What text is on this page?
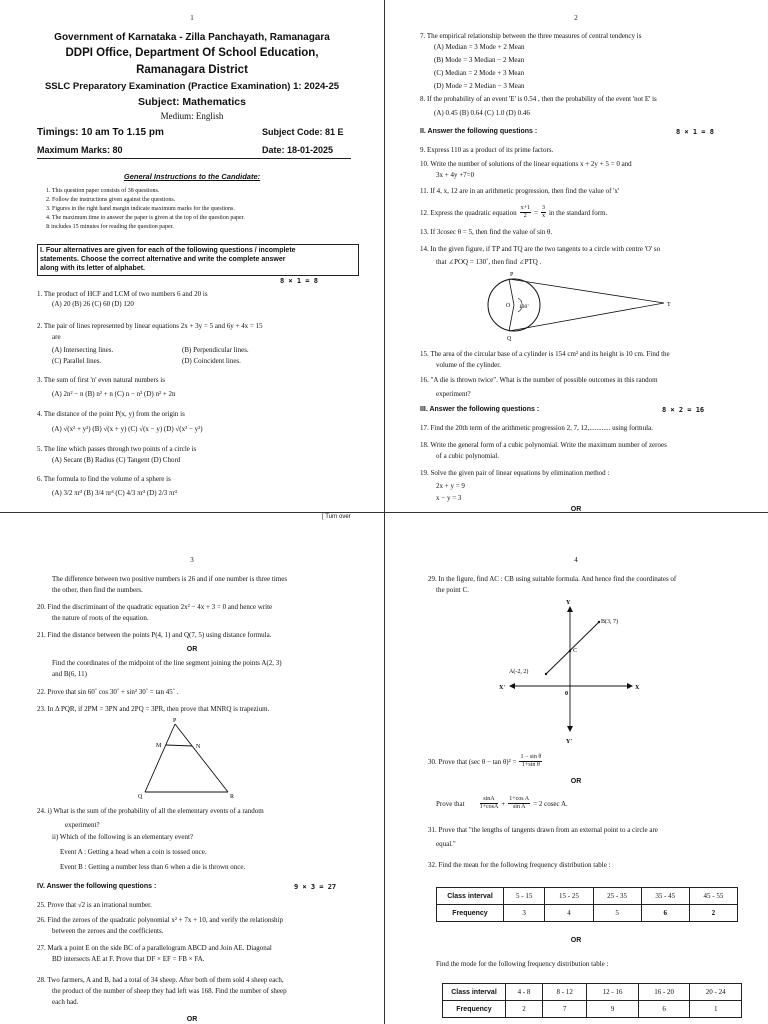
1
Government of Karnataka - Zilla Panchayath, Ramanagara
DDPI Office, Department Of School Education,
Ramanagara District
SSLC Preparatory Examination (Practice Examination) 1: 2024-25
Subject: Mathematics
Medium: English
Timings: 10 am To 1.15 pm	Subject Code: 81 E
Maximum Marks: 80	Date: 18-01-2025
General Instructions to the Candidate:
1. This question paper consists of 38 questions.
2. Follow the instructions given against the questions.
3. Figures in the right hand margin indicate maximum marks for the questions.
4. The maximum time to answer the paper is given at the top of the question paper.
It includes 15 minutes for reading the question paper.
I. Four alternatives are given for each of the following questions / incomplete
statements. Choose the correct alternative and write the complete answer
along with its letter of alphabet.
8 × 1 = 8
1. The product of HCF and LCM of two numbers 6 and 20 is
(A) 20 (B) 26 (C) 60 (D) 120
2. The pair of lines represented by linear equations 2x + 3y = 5 and 6y + 4x = 15
are
(A) Intersecting lines.	(B) Perpendicular lines.
(C) Parallel lines.	(D) Coincident lines.
3. The sum of first 'n' even natural numbers is
(A) 2n² − n (B) n² + n (C) n − n² (D) n² + 2n
4. The distance of the point P(x, y) from the origin is
(A) √(x² + y²) (B) √(x + y) (C) √(x − y) (D) √(x² − y²)
5. The line which passes through two points of a circle is
(A) Secant (B) Radius (C) Tangent (D) Chord
6. The formula to find the volume of a sphere is
(A) 3/2 πr³ (B) 3/4 πr³ (C) 4/3 πr³ (D) 2/3 πr³
[ Turn over
2
7. The empirical relationship between the three measures of central tendency is
(A) Median = 3 Mode + 2 Mean
(B) Mode = 3 Median − 2 Mean
(C) Median = 2 Mode + 3 Mean
(D) Mode = 2 Median − 3 Mean
8. If the probability of an event 'E' is 0.54 , then the probability of the event 'not E' is
(A) 0.45 (B) 0.64 (C) 1.0 (D) 0.46
II. Answer the following questions :	8 × 1 = 8
9. Express 110 as a product of its prime factors.
10. Write the number of solutions of the linear equations x + 2y + 5 = 0 and
3x + 4y +7=0
11. If 4, x, 12 are in an arithmetic progression, then find the value of 'x'
12. Express the quadratic equation $\frac{x+1}{2} = \frac{3}{x}$ in the standard form.
13. If 3cosec θ = 5, then find the value of sin θ.
14. In the given figure, if TP and TQ are the two tangents to a circle with centre 'O' so
that ∠POQ = 130˚, then find ∠PTQ .
P
Q
O	T
130˚
15. The area of the circular base of a cylinder is 154 cm² and its height is 10 cm. Find the
volume of the cylinder.
16. "A die is thrown twice". What is the number of possible outcomes in this random
experiment?
III. Answer the following questions :	8 × 2 = 16
17. Find the 20th term of the arithmetic progression 2, 7, 12,............ using formula.
18. Write the general form of a cubic polynomial. Write the maximum number of zeroes
of a cubic polynomial.
19. Solve the given pair of linear equations by elimination method :
2x + y = 9
x − y = 3
OR
3
The difference between two positive numbers is 26 and if one number is three times
the other, then find the numbers.
20. Find the discriminant of the quadratic equation 2x² − 4x + 3 = 0 and hence write
the nature of roots of the equation.
21. Find the distance between the points P(4, 1) and Q(7, 5) using distance formula.
OR
Find the coordinates of the midpoint of the line segment joining the points A(2, 3)
and B(6, 11)
22. Prove that sin 60˚ cos 30˚ + sin² 30˚ = tan 45˚ .
23. In Δ PQR, if 2PM = 3PN and 2PQ = 3PR, then prove that MNRQ is trapezium.
P
M	N
Q	R
24. i) What is the sum of the probability of all the elementary events of a random
experiment?
ii) Which of the following is an elementary event?
Event A : Getting a head when a coin is tossed once.
Event B : Getting a number less than 6 when a die is thrown once.
IV. Answer the following questions :	9 × 3 = 27
25. Prove that √2 is an irrational number.
26. Find the zeroes of the quadratic polynomial x² + 7x + 10, and verify the relationship
between the zeroes and the coefficients.
27. Mark a point E on the side BC of a parallelogram ABCD and Join AE. Diagonal
BD intersects AE at F. Prove that DF × EF = FB × FA.
28. Two farmers, A and B, had a total of 34 sheep. After both of them sold 4 sheep each,
the product of the number of sheep they had left was 168. Find the number of sheep
each had.
OR
4
29. In the figure, find AC : CB using suitable formula. And hence find the coordinates of
the point C.
Y
Y'
X
X'
0
A(-2, 2)
B(3, 7)
C
30. Prove that (sec $\theta - \tan \theta)^2 = \frac{\text{1 − sin θ}}{\text{1+sin θ}}$
OR
Prove that	$\frac{\sin A}{1+\cos A} + \frac{\text{1+cos A}}{\text{sin A}} = 2$ cosec A.
31. Prove that "the lengths of tangents drawn from an external point to a circle are
equal."
32. Find the mean for the following frequency distribution table :
Class interval	5 - 15	15 - 25	25 - 35	35 - 45	45 - 55
Frequency	3	4	5	6	2
OR
Find the mode for the following frequency distribution table :
Class interval	4 - 8	8 - 12	12 - 16	16 - 20	20 - 24
Frequency	2	7	9	6	1
